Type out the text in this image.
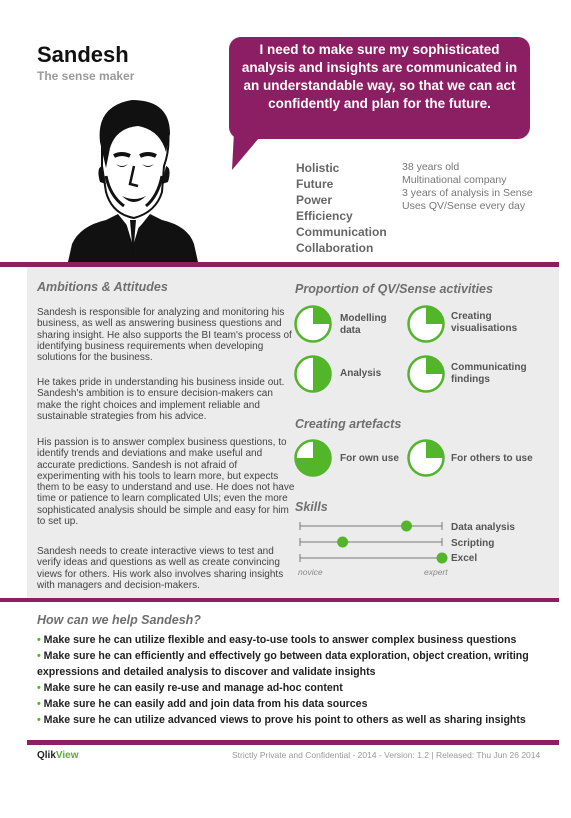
Sandesh
The sense maker
I need to make sure my sophisticated analysis and insights are communicated in an understandable way, so that we can act confidently and plan for the future.
Holistic
Future
Power
Efficiency
Communication
Collaboration
38 years old
Multinational company
3 years of analysis in Sense
Uses QV/Sense every day
Ambitions & Attitudes
Sandesh is responsible for analyzing and monitoring his business, as well as answering business questions and sharing insight. He also supports the BI team's process of identifying business requirements when developing solutions for the business.
He takes pride in understanding his business inside out. Sandesh's ambition is to ensure decision-makers can make the right choices and implement reliable and sustainable strategies from his advice.
His passion is to answer complex business questions, to identify trends and deviations and make useful and accurate predictions. Sandesh is not afraid of experimenting with his tools to learn more, but expects them to be easy to understand and use. He does not have time or patience to learn complicated UIs; even the more sophisticated analysis should be simple and easy for him to set up.
Sandesh needs to create interactive views to test and verify ideas and questions as well as create convincing views for others. His work also involves sharing insights with managers and decision-makers.
Proportion of QV/Sense activities
Modelling data
Creating visualisations
Analysis
Communicating findings
Creating artefacts
For own use	For others to use
Skills
Data analysis
Scripting
Excel
novice	expert
How can we help Sandesh?
• Make sure he can utilize flexible and easy-to-use tools to answer complex business questions
• Make sure he can efficiently and effectively go between data exploration, object creation, writing expressions and detailed analysis to discover and validate insights
• Make sure he can easily re-use and manage ad-hoc content
• Make sure he can easily add and join data from his data sources
• Make sure he can utilize advanced views to prove his point to others as well as sharing insights
QlikView	Strictly Private and Confidential - 2014 - Version: 1.2 | Released: Thu Jun 26 2014
